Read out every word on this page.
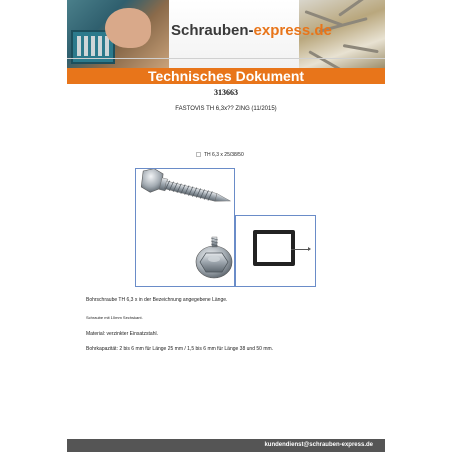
Schrauben-express.de
Technisches Dokument
313663
FASTOVIS TH 6,3x?? ZING (11/2015)
TH 6,3 x 25/38/50
Bohrschraube TH 6,3 x in der Bezeichnung angegebene Länge.
Schraube mit 10mm Sechskant.
Material: verzinkter Einsatzstahl.
Bohrkapazität: 2 bis 6 mm für Länge 25 mm / 1,5 bis 6 mm für Länge 38 und 50 mm.
kundendienst@schrauben-express.de
